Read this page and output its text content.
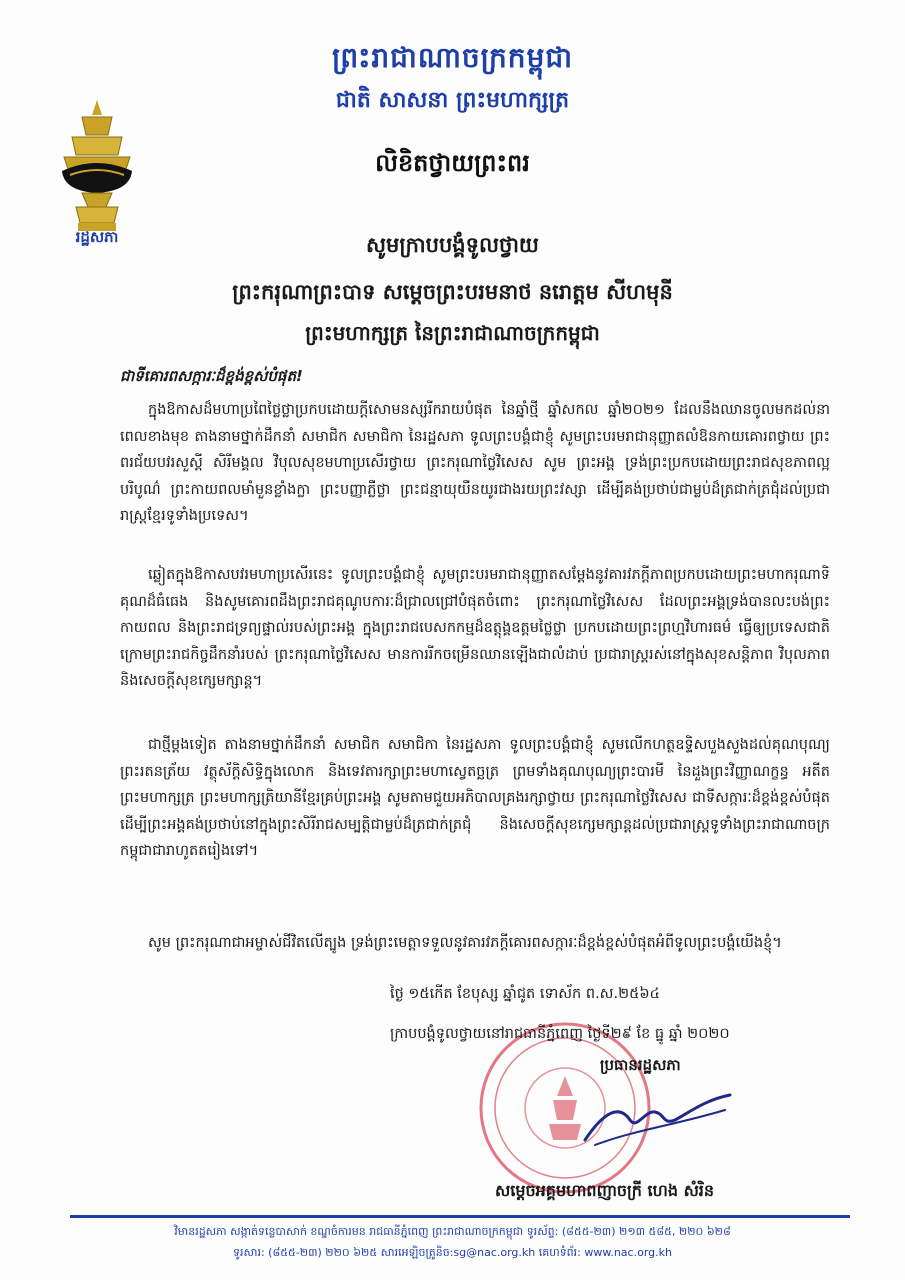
រដ្ឋសភា
ព្រះរាជាណាចក្រកម្ពុជា
ជាតិ សាសនា ព្រះមហាក្សត្រ
លិខិតថ្វាយព្រះពរ
សូមក្រាបបង្គំទូលថ្វាយ
ព្រះករុណាព្រះបាទ សម្តេចព្រះបរមនាថ នរោត្តម សីហមុនី
ព្រះមហាក្សត្រ នៃព្រះរាជាណាចក្រកម្ពុជា
ជាទីគោរពសក្ការៈដ៏ខ្ពង់ខ្ពស់បំផុត!

ក្នុងឱកាសដ៏មហាប្រពៃថ្លៃថ្លាប្រកបដោយក្តីសោមនស្សរីករាយបំផុត នៃឆ្នាំថ្មី ឆ្នាំសកល ឆ្នាំ២០២១ ដែលនឹងឈានចូលមកដល់នាពេលខាងមុខ តាងនាមថ្នាក់ដឹកនាំ សមាជិក សមាជិកា នៃរដ្ឋសភា ទូលព្រះបង្គំជាខ្ញុំ សូមព្រះបរមរាជានុញ្ញាតលំឱនកាយគោរពថ្វាយ ព្រះពរជ័យបវរសួស្តី សិរីមង្គល វិបុលសុខមហាប្រសើរថ្វាយ ព្រះករុណាថ្លៃវិសេស សូម ព្រះអង្គ ទ្រង់ព្រះប្រកបដោយព្រះរាជសុខភាពល្អបរិបូណ៌ ព្រះកាយពលមាំមួនខ្លាំងក្លា ព្រះបញ្ញាភ្លឺថ្លា ព្រះជន្មាយុយឺនយូរជាងរយព្រះវស្សា ដើម្បីគង់ប្រថាប់ជាម្លប់ដ៏ត្រជាក់ត្រជុំដល់ប្រជារាស្ត្រខ្មែរទូទាំងប្រទេស។

ឆ្លៀតក្នុងឱកាសបវរមហាប្រសើរនេះ ទូលព្រះបង្គំជាខ្ញុំ សូមព្រះបរមរាជានុញ្ញាតសម្តែងនូវគារវភក្តីភាពប្រកបដោយព្រះមហាករុណាទិគុណដ៏ធំធេង និងសូមគោរពដឹងព្រះរាជគុណូបការៈដ៏ជ្រាលជ្រៅបំផុតចំពោះ ព្រះករុណាថ្លៃវិសេស ដែលព្រះអង្គទ្រង់បានលះបង់ព្រះកាយពល និងព្រះរាជទ្រព្យផ្ទាល់របស់ព្រះអង្គ ក្នុងព្រះរាជបេសកកម្មដ៏ឧត្តុង្គឧត្តមថ្លៃថ្លា ប្រកបដោយព្រះព្រហ្មវិហារធម៌ ធ្វើឲ្យប្រទេសជាតិ ក្រោមព្រះរាជកិច្ចដឹកនាំរបស់ ព្រះករុណាថ្លៃវិសេស មានការរីកចម្រើនឈានឡើងជាលំដាប់ ប្រជារាស្ត្ររស់នៅក្នុងសុខសន្តិភាព វិបុលភាព និងសេចក្តីសុខក្សេមក្សាន្ត។

ជាថ្មីម្តងទៀត តាងនាមថ្នាក់ដឹកនាំ សមាជិក សមាជិកា នៃរដ្ឋសភា ទូលព្រះបង្គំជាខ្ញុំ សូមលើកហត្ថឧទ្ទិសបួងសួងដល់គុណបុណ្យព្រះរតនត្រ័យ វត្ថុស័ក្តិសិទ្ធិក្នុងលោក និងទេវតារក្សាព្រះមហាស្វេតច្ឆត្រ ព្រមទាំងគុណបុណ្យព្រះបារមី នៃដួងព្រះវិញ្ញាណក្ខន្ធ អតីតព្រះមហាក្សត្រ ព្រះមហាក្សត្រិយានីខ្មែរគ្រប់ព្រះអង្គ សូមតាមជួយអភិបាលគ្រងរក្សាថ្វាយ ព្រះករុណាថ្លៃវិសេស ជាទីសក្ការៈដ៏ខ្ពង់ខ្ពស់បំផុត ដើម្បីព្រះអង្គគង់ប្រថាប់នៅក្នុងព្រះសិរីរាជសម្បត្តិជាម្លប់ដ៏ត្រជាក់ត្រជុំ និងសេចក្តីសុខក្សេមក្សាន្តដល់ប្រជារាស្ត្រទូទាំងព្រះរាជាណាចក្រកម្ពុជាជារាហូតតរៀងទៅ។

សូម ព្រះករុណាជាអម្ចាស់ជីវិតលើត្បូង ទ្រង់ព្រះមេត្តាទទួលនូវគារវភក្តីគោរពសក្ការៈដ៏ខ្ពង់ខ្ពស់បំផុតអំពីទូលព្រះបង្គំយើងខ្ញុំ។

ថ្ងៃ ១៥កើត ខែបុស្ស ឆ្នាំជូត ទោស័ក ព.ស.២៥៦៤
ក្រាបបង្គំទូលថ្វាយនៅរាជធានីភ្នំពេញ ថ្ងៃទី២៩ ខែ ធ្នូ ឆ្នាំ ២០២០
ប្រធានរដ្ឋសភា
សម្តេចអគ្គមហាពញាចក្រី ហេង សំរិន
វិមានរដ្ឋសភា សង្កាត់ទន្លេបាសាក់ ខណ្ឌចំការមន រាជធានីភ្នំពេញ ព្រះរាជាណាចក្រកម្ពុជា ទូរស័ព្ទ: (៨៥៥-២៣) ២១៣ ៥៨៥, ២២០ ៦២៨
ទូរសារ: (៨៥៥-២៣) ២២០ ៦២៥ សារអេឡិចត្រូនិច:sg@nac.org.kh គេហទំព័រ: www.nac.org.kh
